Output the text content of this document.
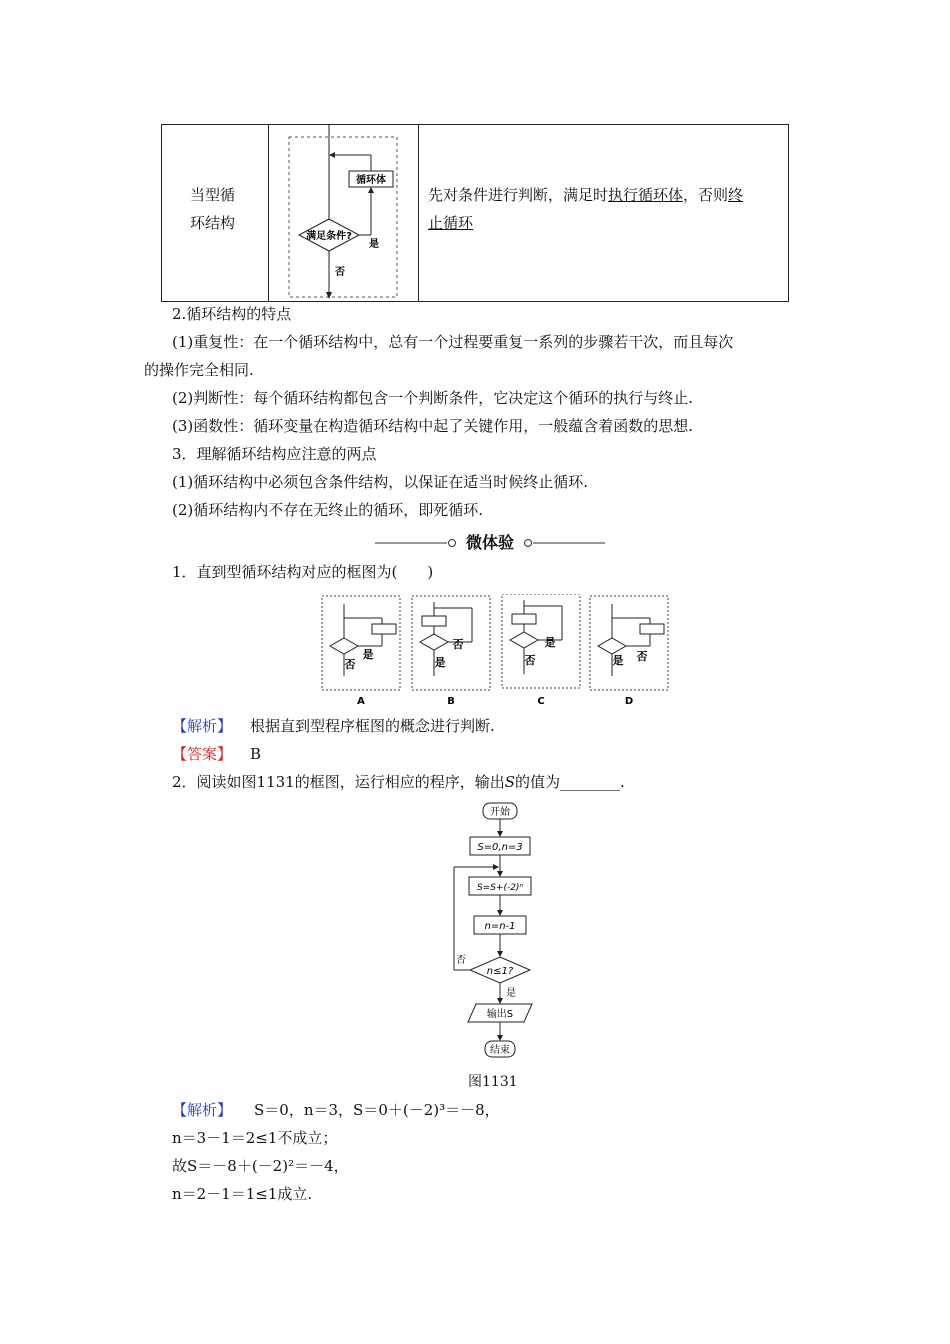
当型循
环结构
循环体
满足条件?
是
否
先对条件进行判断，满足时执行循环体，否则终
止循环
2.循环结构的特点
(1)重复性：在一个循环结构中，总有一个过程要重复一系列的步骤若干次，而且每次
的操作完全相同.
(2)判断性：每个循环结构都包含一个判断条件，它决定这个循环的执行与终止.
(3)函数性：循环变量在构造循环结构中起了关键作用，一般蕴含着函数的思想.
3．理解循环结构应注意的两点
(1)循环结构中必须包含条件结构，以保证在适当时候终止循环.
(2)循环结构内不存在无终止的循环，即死循环.
微体验
1．直到型循环结构对应的框图为(　　)
是
否
A
否
是
B
是
否
C
否
是
D
【解析】 根据直到型程序框图的概念进行判断.
【答案】 B
2．阅读如图1131的框图，运行相应的程序，输出S的值为________.
开始
S=0,n=3
S=S+(-2)ⁿ
n=n-1
n≤1?
否
是
输出S
结束
图1131
【解析】 S＝0，n＝3，S＝0＋(－2)³＝－8，
n＝3－1＝2≤1不成立；
故S＝－8＋(－2)²＝－4，
n＝2－1＝1≤1成立.
